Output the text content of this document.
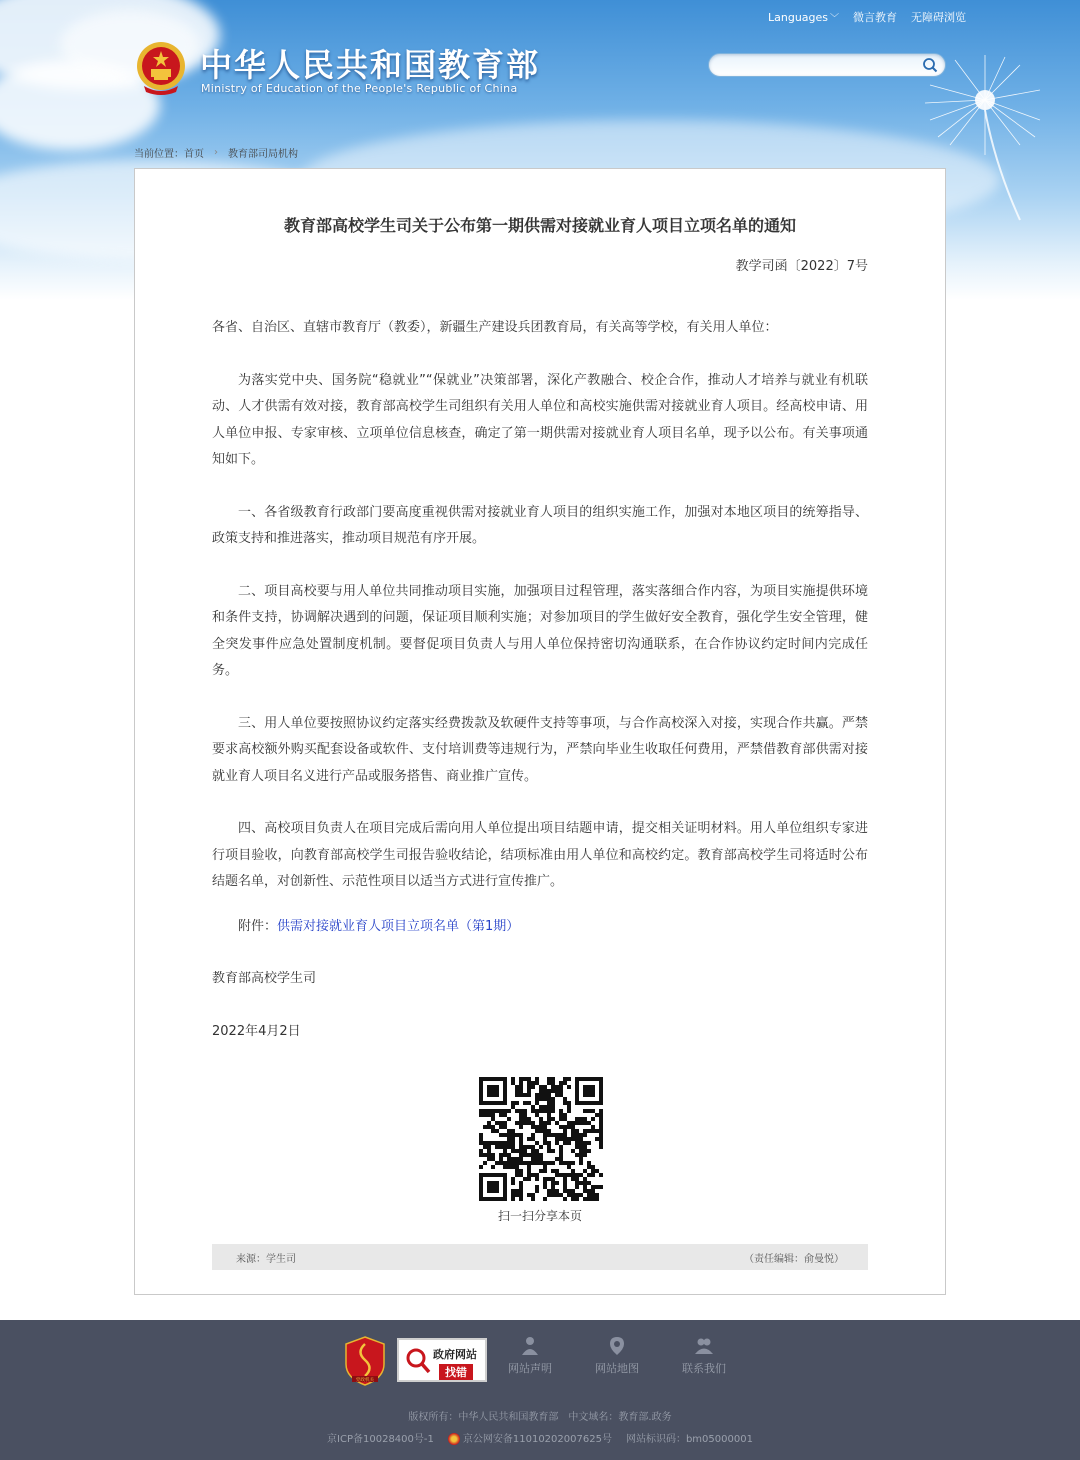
Languages ﹀ 微言教育 无障碍浏览
中华人民共和国教育部
Ministry of Education of the People's Republic of China
当前位置： 首页 › 教育部司局机构
教育部高校学生司关于公布第一期供需对接就业育人项目立项名单的通知
教学司函〔2022〕7号

各省、自治区、直辖市教育厅（教委），新疆生产建设兵团教育局，有关高等学校，有关用人单位：

为落实党中央、国务院“稳就业”“保就业”决策部署，深化产教融合、校企合作，推动人才培养与就业有机联动、人才供需有效对接，教育部高校学生司组织有关用人单位和高校实施供需对接就业育人项目。经高校申请、用人单位申报、专家审核、立项单位信息核查，确定了第一期供需对接就业育人项目名单，现予以公布。有关事项通知如下。

一、各省级教育行政部门要高度重视供需对接就业育人项目的组织实施工作，加强对本地区项目的统筹指导、政策支持和推进落实，推动项目规范有序开展。

二、项目高校要与用人单位共同推动项目实施，加强项目过程管理，落实落细合作内容，为项目实施提供环境和条件支持，协调解决遇到的问题，保证项目顺利实施；对参加项目的学生做好安全教育，强化学生安全管理，健全突发事件应急处置制度机制。要督促项目负责人与用人单位保持密切沟通联系，在合作协议约定时间内完成任务。

三、用人单位要按照协议约定落实经费拨款及软硬件支持等事项，与合作高校深入对接，实现合作共赢。严禁要求高校额外购买配套设备或软件、支付培训费等违规行为，严禁向毕业生收取任何费用，严禁借教育部供需对接就业育人项目名义进行产品或服务搭售、商业推广宣传。

四、高校项目负责人在项目完成后需向用人单位提出项目结题申请，提交相关证明材料。用人单位组织专家进行项目验收，向教育部高校学生司报告验收结论，结项标准由用人单位和高校约定。教育部高校学生司将适时公布结题名单，对创新性、示范性项目以适当方式进行宣传推广。

附件：供需对接就业育人项目立项名单（第1期）

教育部高校学生司

2022年4月2日

扫一扫分享本页
来源：学生司	（责任编辑：俞曼悦）
党政机关
政府网站
找错	网站声明	网站地图	联系我们
版权所有：中华人民共和国教育部　中文域名：教育部.政务
京ICP备10028400号-1	京公网安备11010202007625号 网站标识码：bm05000001
